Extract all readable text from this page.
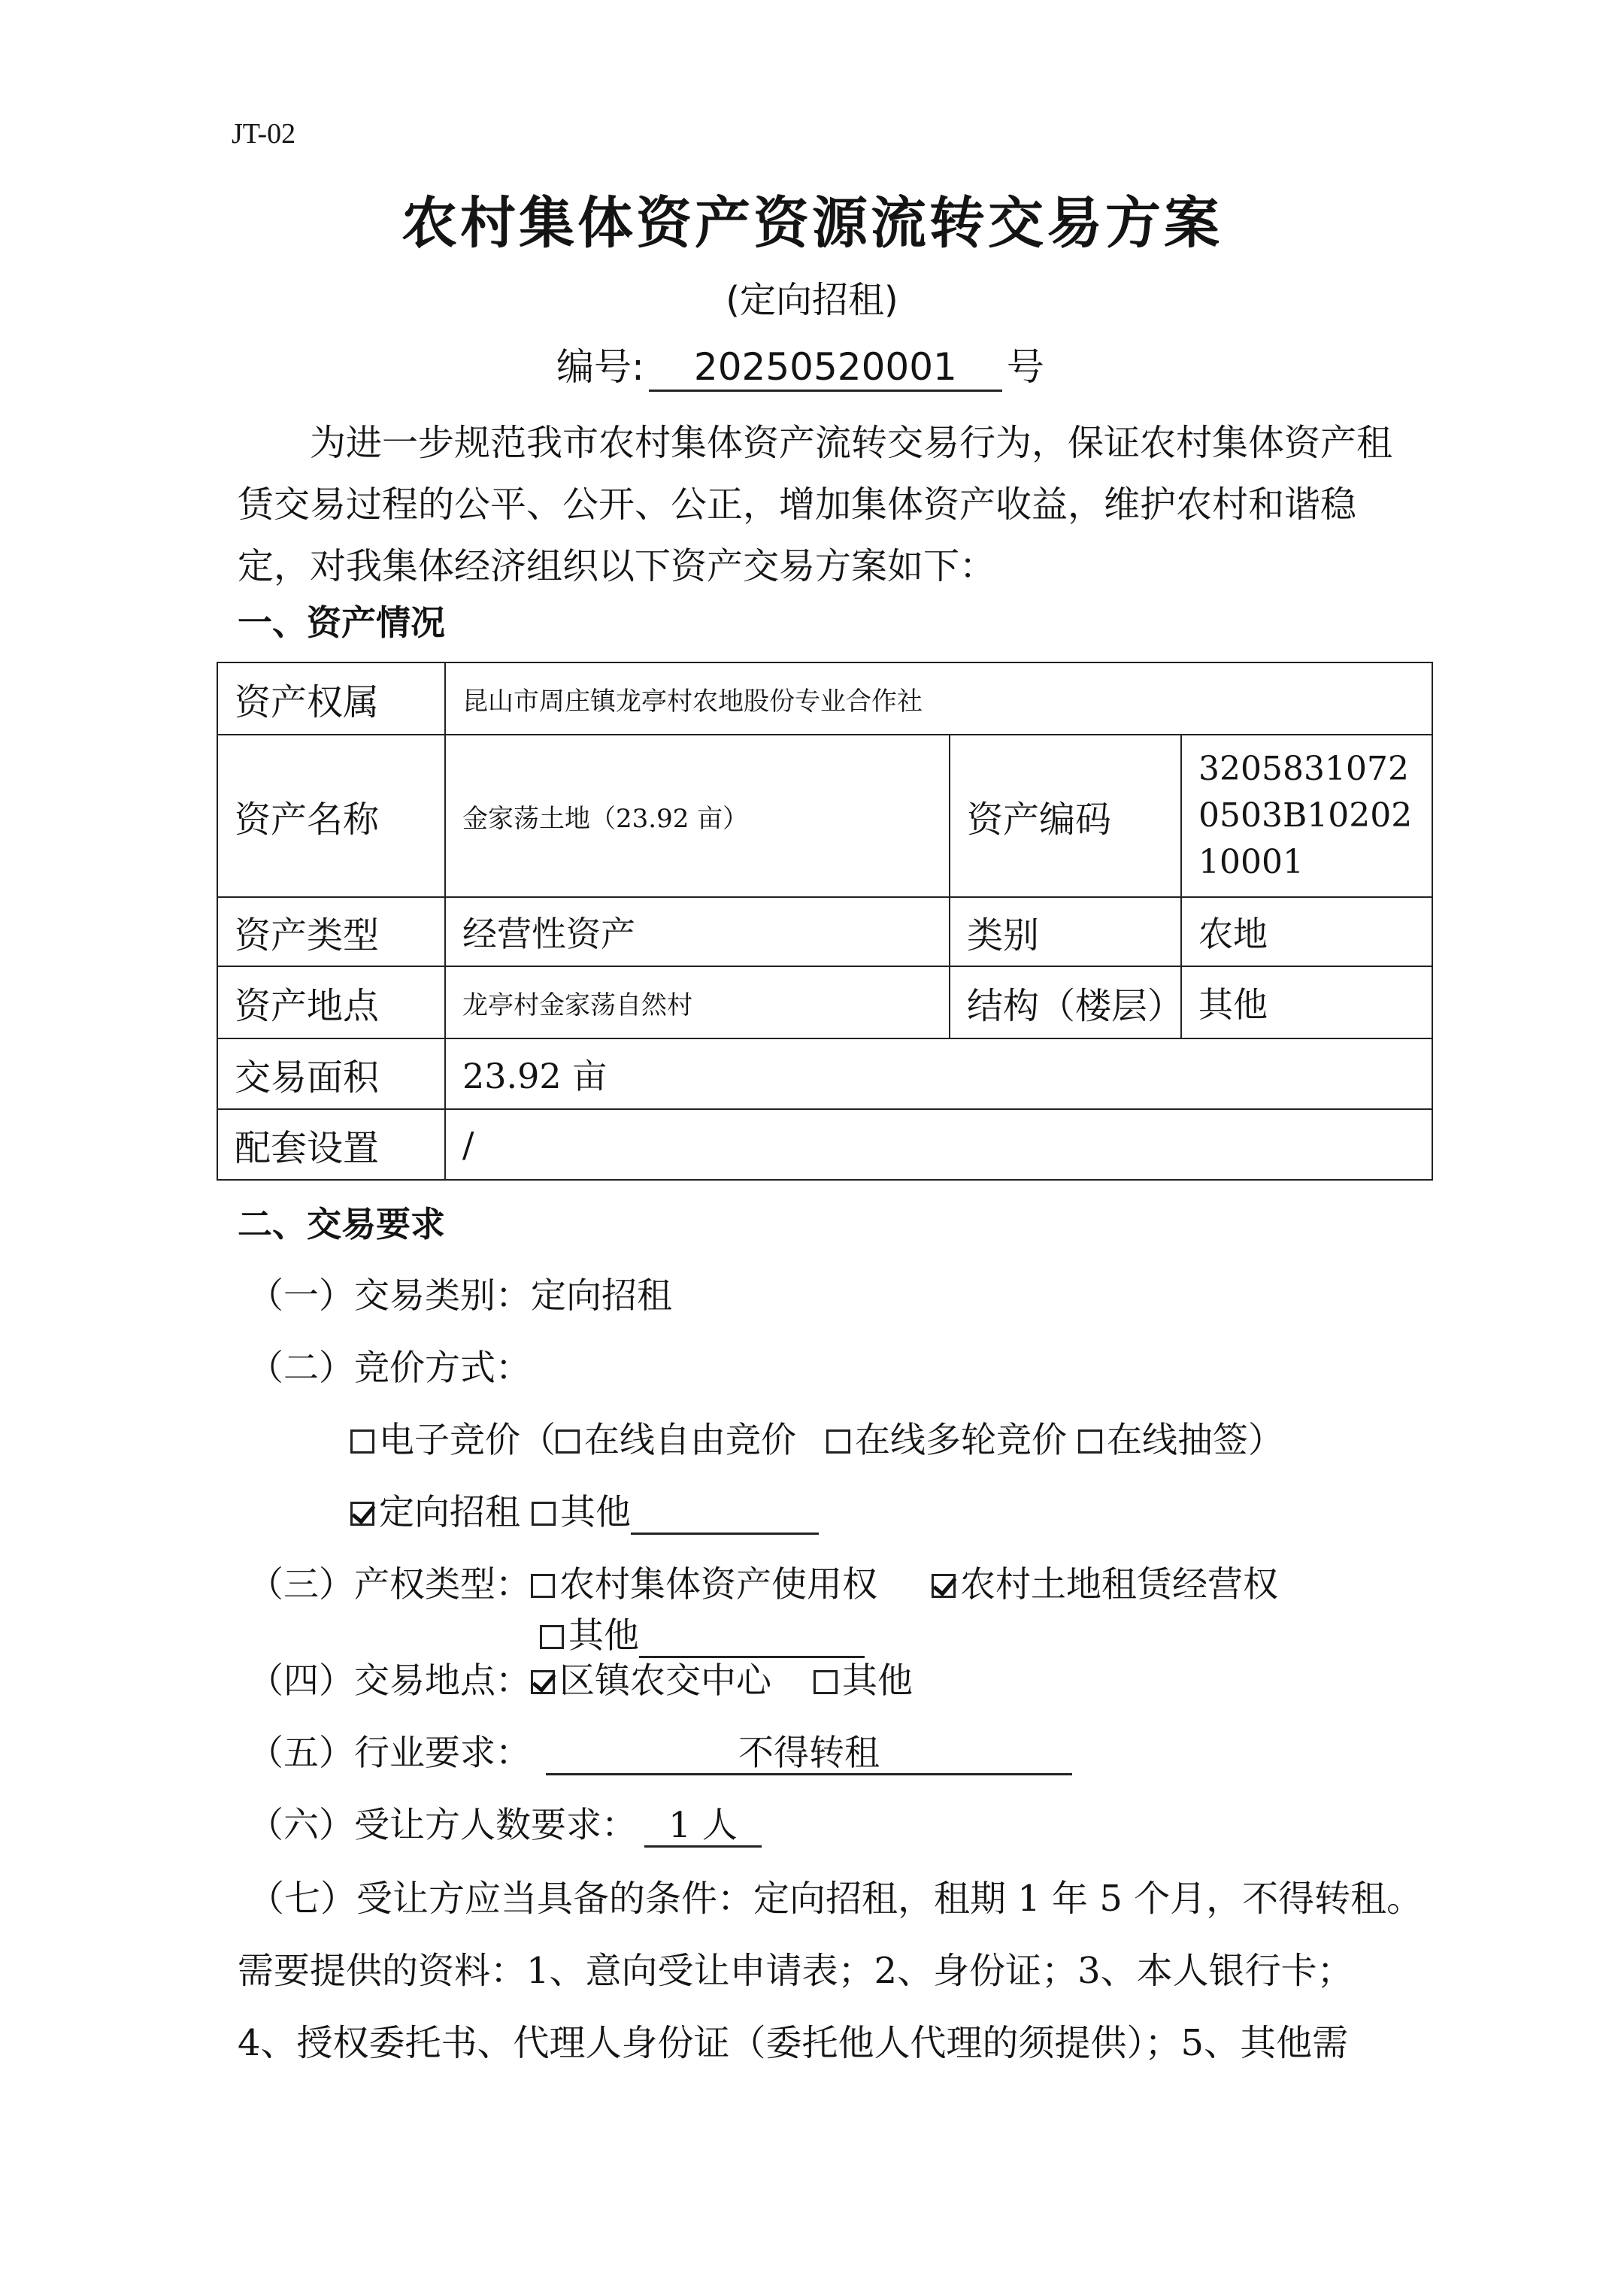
JT-02
农村集体资产资源流转交易方案
(定向招租)
编号: 20250520001 号
为进一步规范我市农村集体资产流转交易行为，保证农村集体资产租赁交易过程的公平、公开、公正，增加集体资产收益，维护农村和谐稳定，对我集体经济组织以下资产交易方案如下：
一、资产情况
资产权属	昆山市周庄镇龙亭村农地股份专业合作社		
资产名称	金家荡土地（23.92 亩）	资产编码	32058310720503B1020210001
资产类型	经营性资产	类别	农地
资产地点	龙亭村金家荡自然村	结构（楼层）	其他
交易面积	23.92 亩		
配套设置	/		
二、交易要求
（一）交易类别：定向招租
（二）竞价方式：
电子竞价（ 在线自由竞价 在线多轮竞价 在线抽签）
定向招租 其他
（三）产权类型： 农村集体资产使用权 农村土地租赁经营权
其他
（四）交易地点： 区镇农交中心 其他
（五）行业要求：	不得转租
（六）受让方人数要求： 1 人
（七）受让方应当具备的条件：定向招租，租期 1 年 5 个月，不得转租。
需要提供的资料：1、意向受让申请表；2、身份证；3、本人银行卡；
4、授权委托书、代理人身份证（委托他人代理的须提供）；5、其他需
